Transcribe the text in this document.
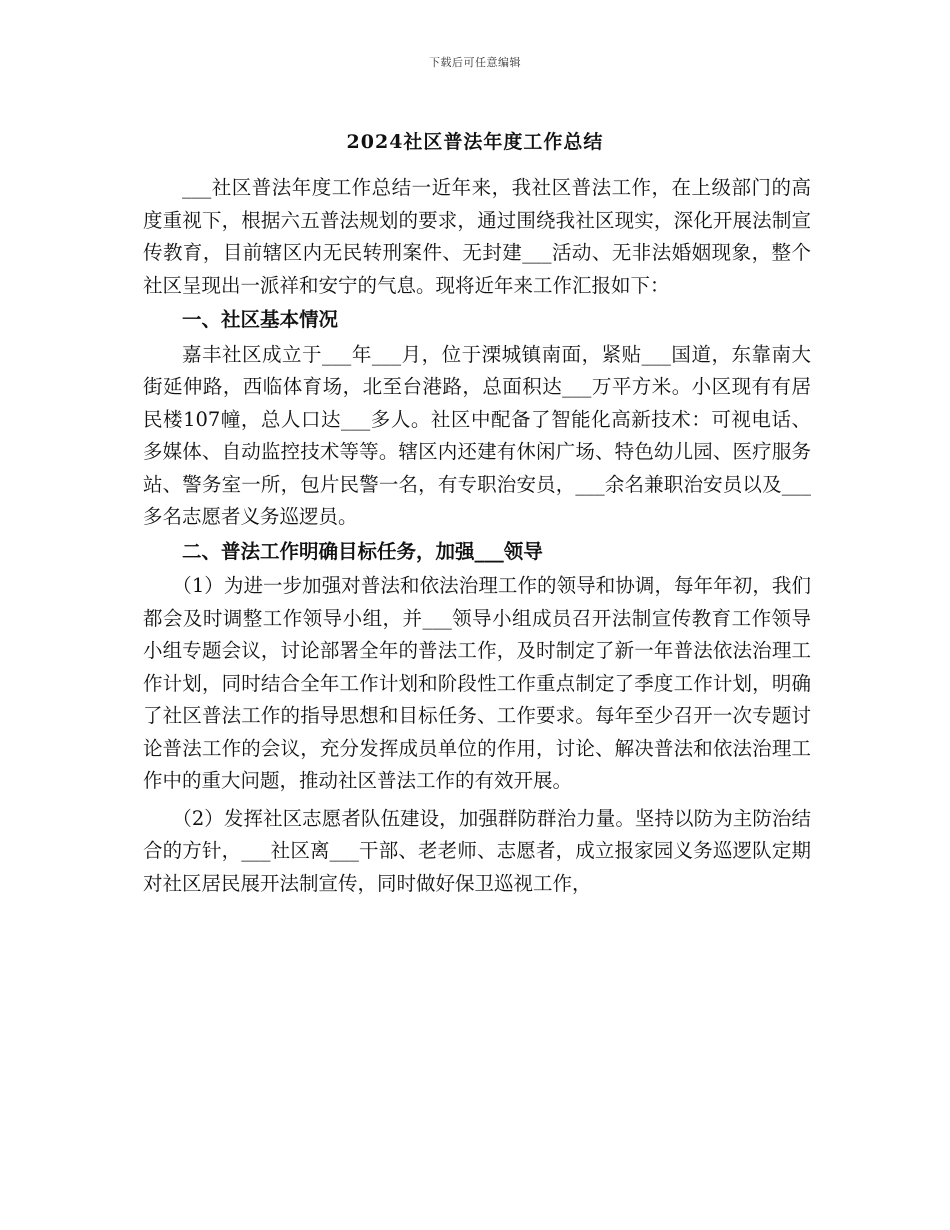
下载后可任意编辑
2024社区普法年度工作总结

___社区普法年度工作总结一近年来，我社区普法工作，在上级部门的高度重视下，根据六五普法规划的要求，通过围绕我社区现实，深化开展法制宣传教育，目前辖区内无民转刑案件、无封建___活动、无非法婚姻现象，整个社区呈现出一派祥和安宁的气息。现将近年来工作汇报如下：

一、社区基本情况

嘉丰社区成立于___年___月，位于溧城镇南面，紧贴___国道，东靠南大街延伸路，西临体育场，北至台港路，总面积达___万平方米。小区现有有居民楼107幢，总人口达___多人。社区中配备了智能化高新技术：可视电话、多媒体、自动监控技术等等。辖区内还建有休闲广场、特色幼儿园、医疗服务站、警务室一所，包片民警一名，有专职治安员，___余名兼职治安员以及___多名志愿者义务巡逻员。

二、普法工作明确目标任务，加强___领导

（1）为进一步加强对普法和依法治理工作的领导和协调，每年年初，我们都会及时调整工作领导小组，并___领导小组成员召开法制宣传教育工作领导小组专题会议，讨论部署全年的普法工作，及时制定了新一年普法依法治理工作计划，同时结合全年工作计划和阶段性工作重点制定了季度工作计划，明确了社区普法工作的指导思想和目标任务、工作要求。每年至少召开一次专题讨论普法工作的会议，充分发挥成员单位的作用，讨论、解决普法和依法治理工作中的重大问题，推动社区普法工作的有效开展。

（2）发挥社区志愿者队伍建设，加强群防群治力量。坚持以防为主防治结合的方针，___社区离___干部、老老师、志愿者，成立报家园义务巡逻队定期对社区居民展开法制宣传，同时做好保卫巡视工作，
